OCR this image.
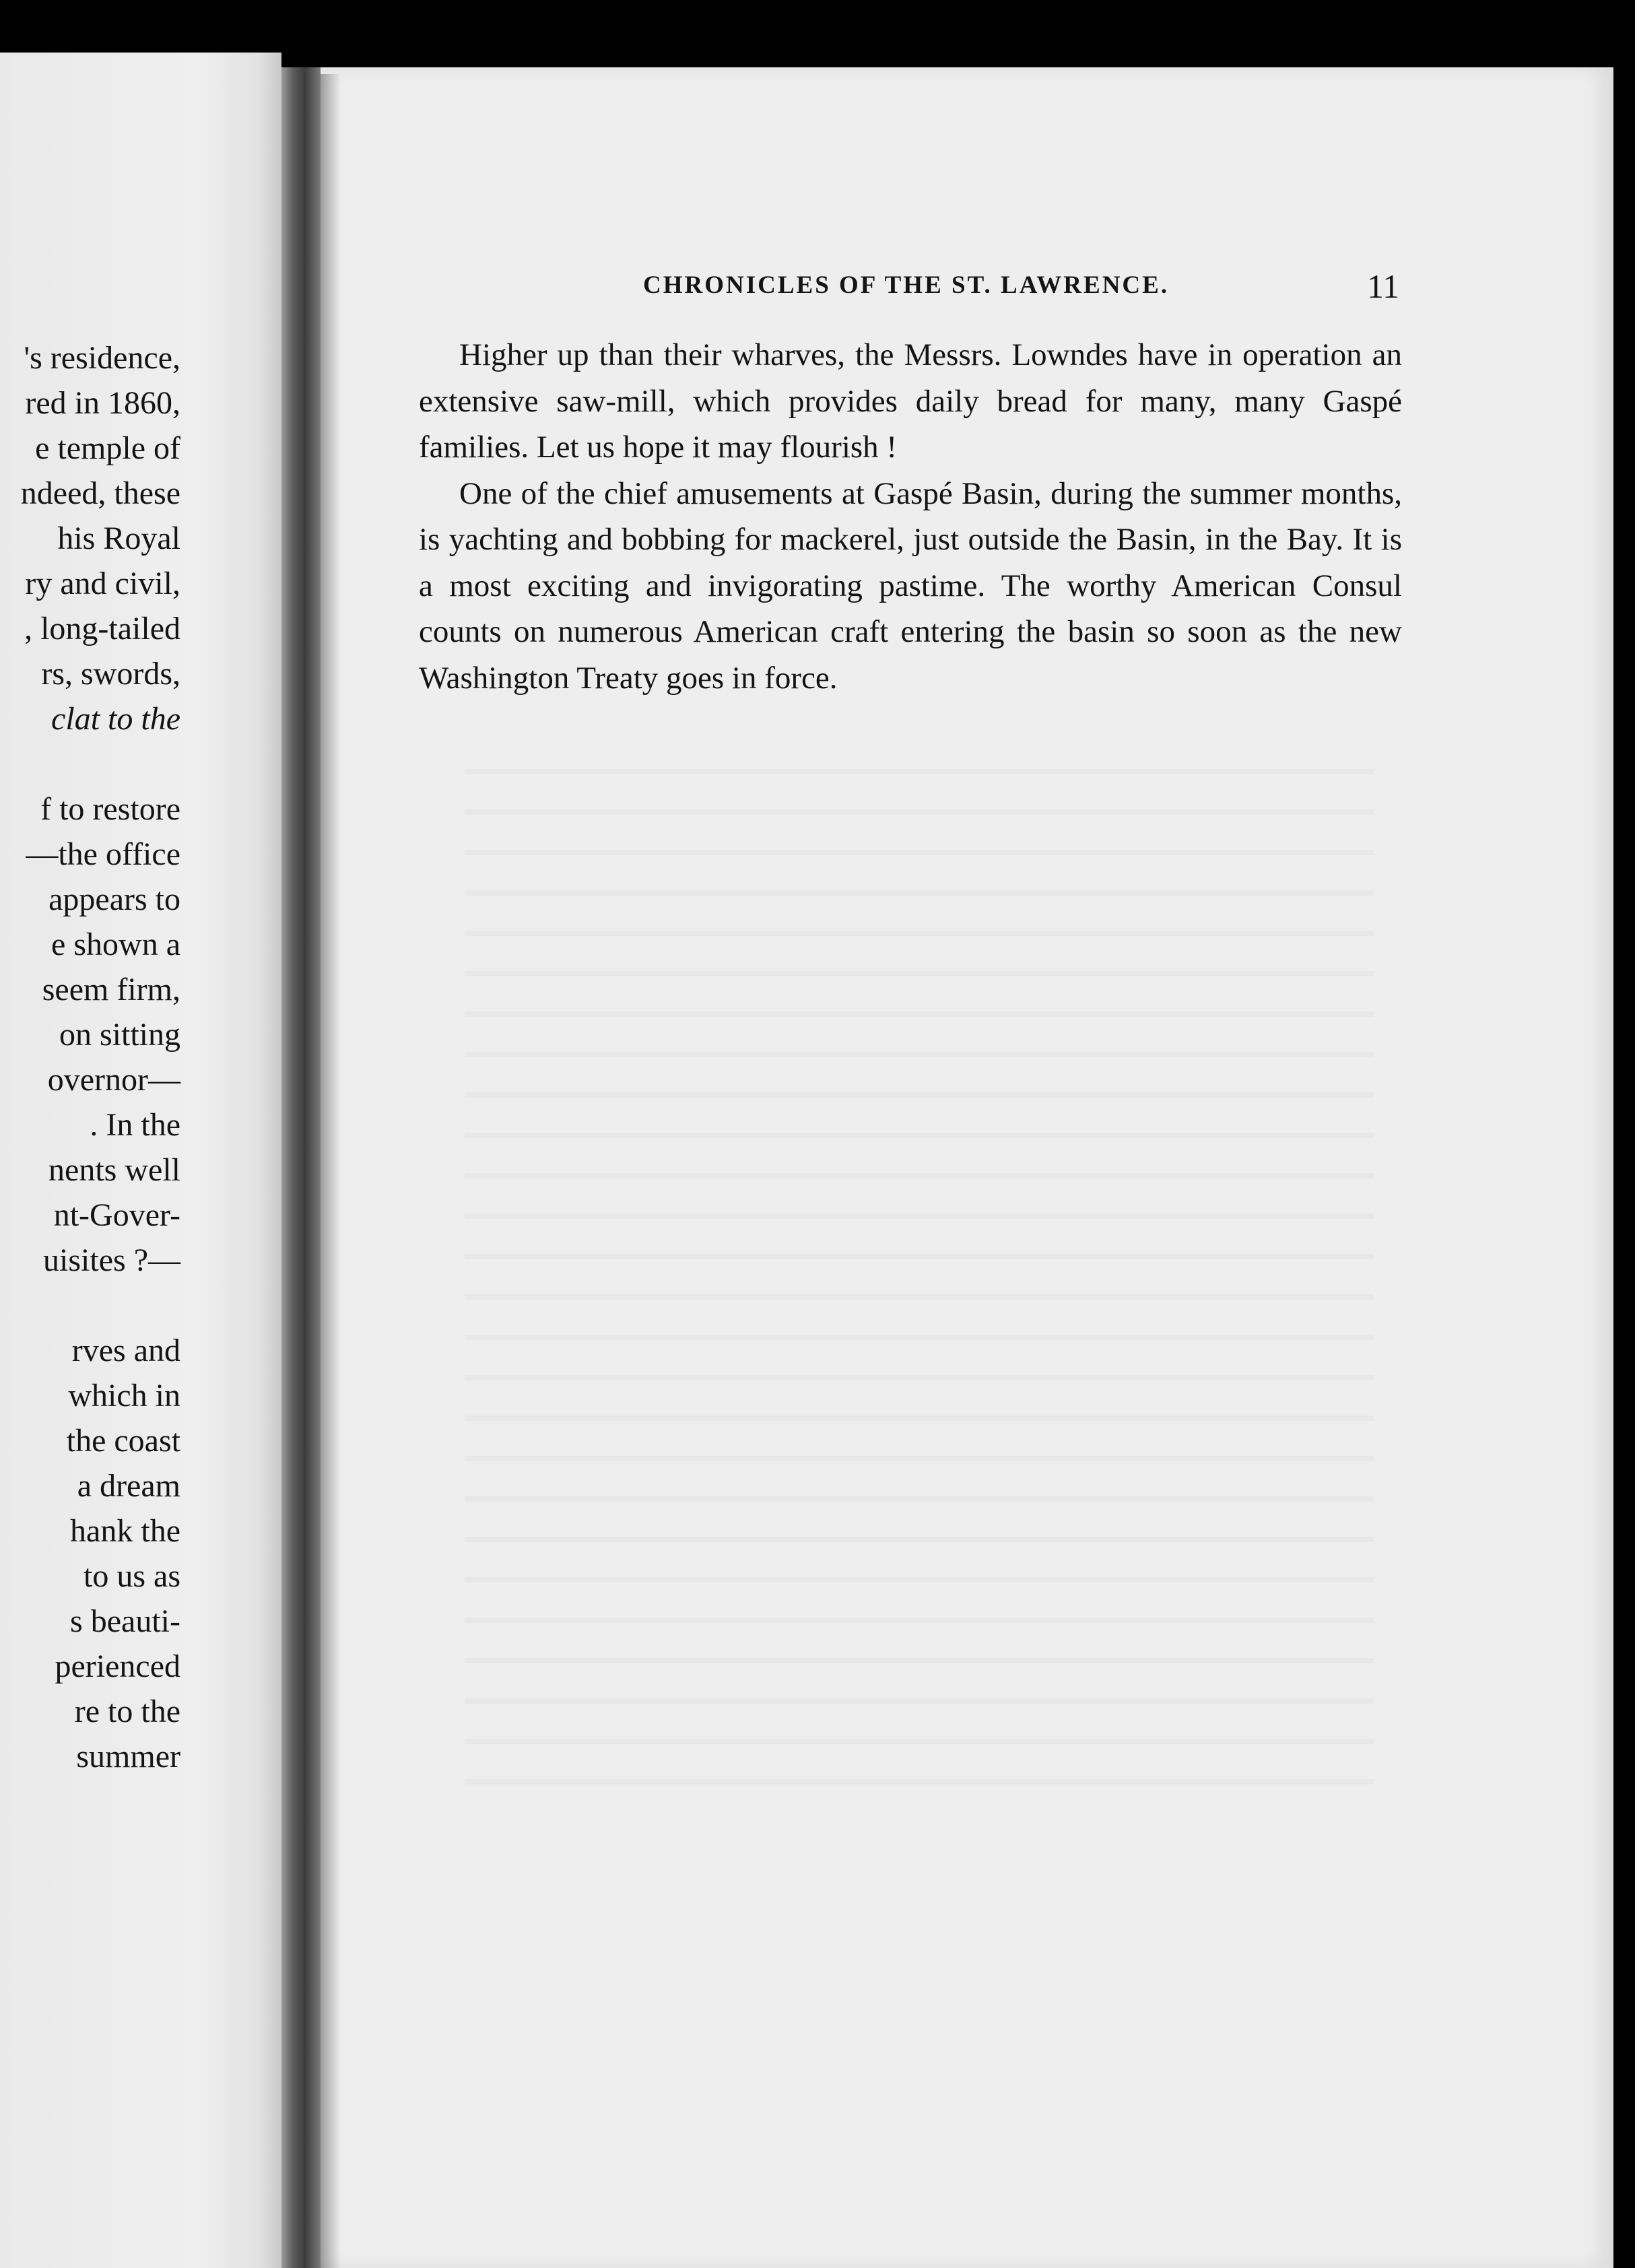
's residence,
red in 1860,
e temple of
ndeed, these
his Royal
ry and civil,
, long-tailed
rs, swords,
clat to the
f to restore
—the office
appears to
e shown a
seem firm,
on sitting
overnor—
. In the
nents well
nt-Gover-
uisites ?—
rves and
which in
the coast
a dream
hank the
to us as
s beauti-
perienced
re to the
summer
CHRONICLES OF THE ST. LAWRENCE.	11

Higher up than their wharves, the Messrs. Lowndes have in operation an extensive saw-mill, which provides daily bread for many, many Gaspé families. Let us hope it may flourish !

One of the chief amusements at Gaspé Basin, during the summer months, is yachting and bobbing for mackerel, just outside the Basin, in the Bay. It is a most exciting and invigorating pastime. The worthy American Consul counts on numerous American craft entering the basin so soon as the new Washington Treaty goes in force.
